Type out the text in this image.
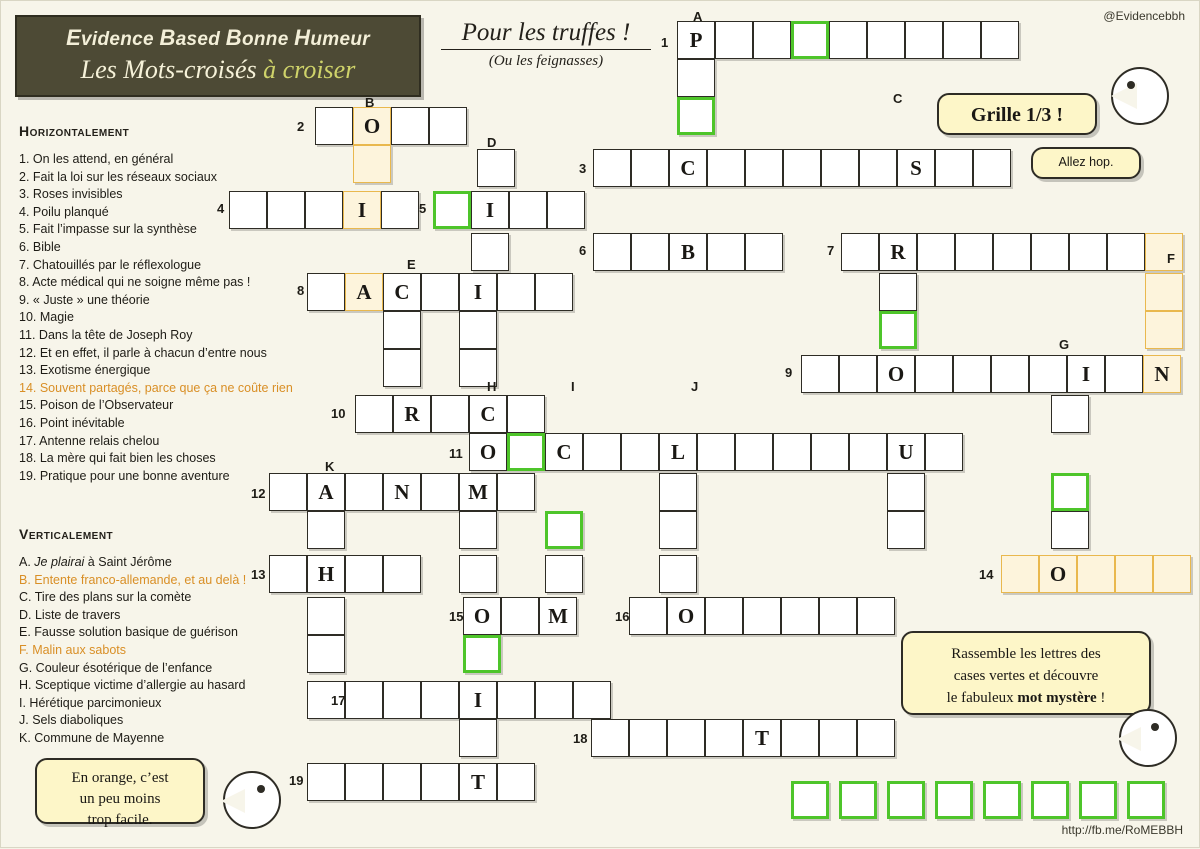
Evidence Based Bonne Humeur
Les Mots-croisés à croiser
Pour les truffes !
(Ou les feignasses)
@Evidencebbh
http://fb.me/RoMEBBH
Horizontalement
Verticalement
1. On les attend, en général
2. Fait la loi sur les réseaux sociaux
3. Roses invisibles
4. Poilu planqué
5. Fait l’impasse sur la synthèse
6. Bible
7. Chatouillés par le réflexologue
8. Acte médical qui ne soigne même pas !
9. « Juste » une théorie
10. Magie
11. Dans la tête de Joseph Roy
12. Et en effet, il parle à chacun d’entre nous
13. Exotisme énergique
14. Souvent partagés, parce que ça ne coûte rien
15. Poison de l’Observateur
16. Point inévitable
17. Antenne relais chelou
18. La mère qui fait bien les choses
19. Pratique pour une bonne aventure
A. Je plairai à Saint Jérôme
B. Entente franco-allemande, et au delà !
C. Tire des plans sur la comète
D. Liste de travers
E. Fausse solution basique de guérison
F. Malin aux sabots
G. Couleur ésotérique de l’enfance
H. Sceptique victime d’allergie au hasard
I. Hérétique parcimonieux
J. Sels diaboliques
K. Commune de Mayenne
P
O
C	S
I	I
B	R
A	C	I
O	I	N
R	C
O	C	L	U
A	N	M
H	O
O	M	O
I
T
T
1
2
3
4	5
6	7
8
9
10
11
12
13	14
15	16
17
18
19
A
B	C
D
E	F
G
H	I	J
K
Grille 1/3 !
Allez hop.
Rassemble les lettres des
cases vertes et découvre
le fabuleux mot mystère !
En orange, c’est
un peu moins
trop facile.
